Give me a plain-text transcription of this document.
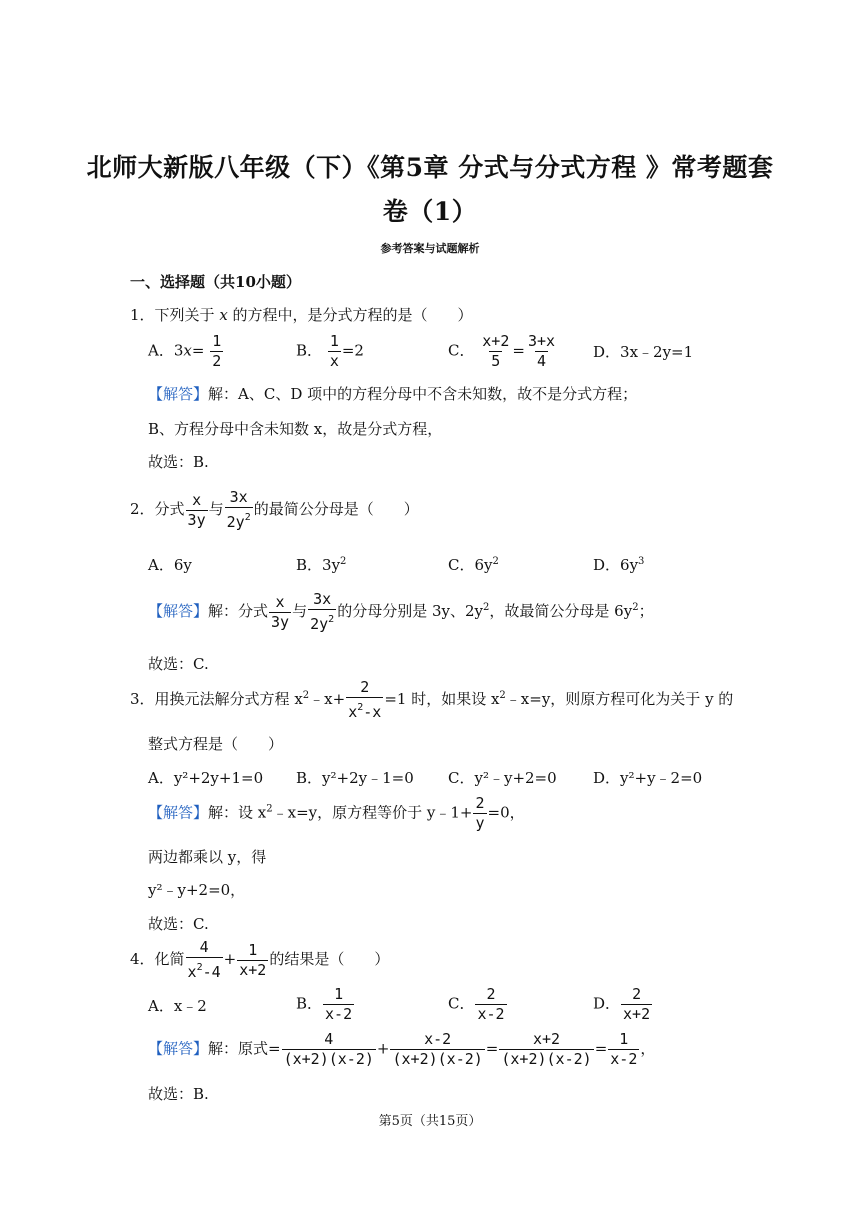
北师大新版八年级（下）《第5章 分式与分式方程 》常考题套
卷（1）
参考答案与试题解析
一、选择题（共10小题）
1．下列关于 x 的方程中，是分式方程的是（　　）
A．$3x= \frac{1}{2}$	B． $\frac{1}{x} =2$	C． $\frac{x+2}{5} = \frac{3+x}{4}$ D．3x﹣2y=1
【解答】解：A、C、D 项中的方程分母中不含未知数，故不是分式方程；
B、方程分母中含未知数 x，故是分式方程，
故选：B.
2．分式 $\frac{x}{3y}$ 与 $\frac{3x}{2y^2}$ 的最简公分母是（　　）
A．6y	B．$3y^2$	C．$6y^2$	D．$6y^3$
【解答】解：分式 $\frac{x}{3y}$ 与 $\frac{3x}{2y^2}$ 的分母分别是 3y、$2y^2$，故最简公分母是 $6y^2$；
故选：C.
3．用换元法解分式方程 $x^2﹣x+ \frac{2}{x^2-x} =1$ 时，如果设 $x^2﹣x=y$，则原方程可化为关于 y 的
整式方程是（　　）
A．y²+2y+1=0 B．y²+2y﹣1=0 C．y²﹣y+2=0 D．y²+y﹣2=0
【解答】解：设 $x^2﹣x=y$，原方程等价于 y﹣1+ $\frac{2}{y} =0$，
两边都乘以 y，得
y²﹣y+2=0，
故选：C.
4．化简 $\frac{4}{x^2-4} + \frac{1}{x+2}$ 的结果是（　　）
A．x﹣2	B． $\frac{1}{x-2}$	C． $\frac{2}{x-2}$	D． $\frac{2}{x+2}$
【解答】解：原式= $\frac{4}{(x+2)(x-2)} + \frac{x-2}{(x+2)(x-2)} = \frac{x+2}{(x+2)(x-2)} = \frac{1}{x-2}$ ，
故选：B.
第5页（共15页）
